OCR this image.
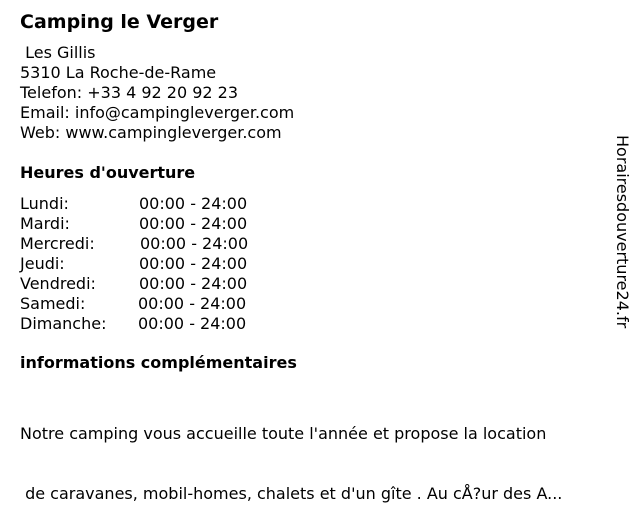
Camping le Verger
Les Gillis
5310 La Roche-de-Rame
Telefon: +33 4 92 20 92 23
Email: info@campingleverger.com
Web: www.campingleverger.com
Heures d'ouverture
Lundi:	00:00 - 24:00
Mardi:	00:00 - 24:00
Mercredi:	00:00 - 24:00
Jeudi:	00:00 - 24:00
Vendredi:	00:00 - 24:00
Samedi:	00:00 - 24:00
Dimanche: 00:00 - 24:00
informations complémentaires

Notre camping vous accueille toute l'année et propose la location

de caravanes, mobil-homes, chalets et d'un gîte . Au cÅ?ur des A...

Horairesdouverture24.fr
